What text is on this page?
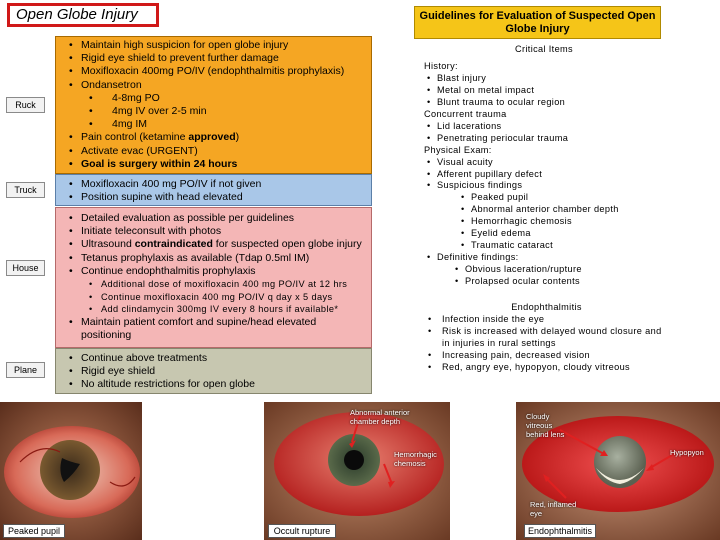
Open Globe Injury	Guidelines for Evaluation of Suspected Open Globe Injury
Ruck
Truck
House
Plane
• Maintain high suspicion for open globe injury
• Rigid eye shield to prevent further damage
• Moxifloxacin 400mg PO/IV (endophthalmitis prophylaxis)
• Ondansetron
• 4-8mg PO
• 4mg IV over 2-5 min
• 4mg IM
• Pain control (ketamine approved)
• Activate evac (URGENT)
• Goal is surgery within 24 hours
• Moxifloxacin 400 mg PO/IV if not given
• Position supine with head elevated
• Detailed evaluation as possible per guidelines
• Initiate teleconsult with photos
• Ultrasound contraindicated for suspected open globe injury
• Tetanus prophylaxis as available (Tdap 0.5ml IM)
• Continue endophthalmitis prophylaxis
• Additional dose of moxifloxacin 400 mg PO/IV at 12 hrs
• Continue moxifloxacin 400 mg PO/IV q day x 5 days
• Add clindamycin 300mg IV every 8 hours if available*
• Maintain patient comfort and supine/head elevated positioning
• Continue above treatments
• Rigid eye shield
• No altitude restrictions for open globe
Critical Items
History:
• Blast injury
• Metal on metal impact
• Blunt trauma to ocular region
Concurrent trauma
• Lid lacerations
• Penetrating periocular trauma
Physical Exam:
• Visual acuity
• Afferent pupillary defect
• Suspicious findings
• Peaked pupil
• Abnormal anterior chamber depth
• Hemorrhagic chemosis
• Eyelid edema
• Traumatic cataract
• Definitive findings:
• Obvious laceration/rupture
• Prolapsed ocular contents
Endophthalmitis
• Infection inside the eye
• Risk is increased with delayed wound closure and in injuries in rural settings
• Increasing pain, decreased vision
• Red, angry eye, hypopyon, cloudy vitreous
Peaked pupil
Abnormal anterior chamber depth
Hemorrhagic chemosis
Occult rupture
Cloudy vitreous behind lens
Hypopyon
Red, inflamed eye
Endophthalmitis
